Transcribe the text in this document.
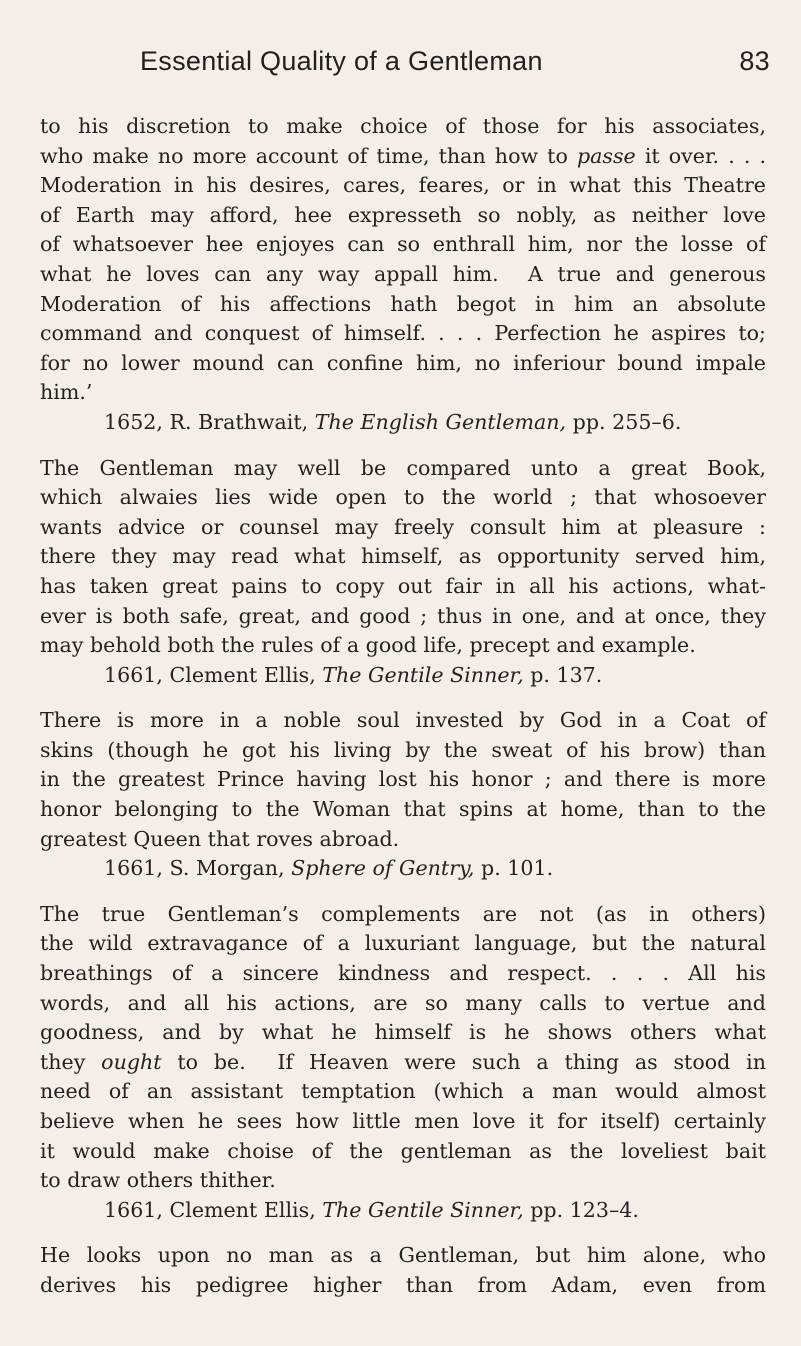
Essential Quality of a Gentleman	83
to his discretion to make choice of those for his associates,
who make no more account of time, than how to passe it over. . . .
Moderation in his desires, cares, feares, or in what this Theatre
of Earth may afford, hee expresseth so nobly, as neither love
of whatsoever hee enjoyes can so enthrall him, nor the losse of
what he loves can any way appall him.  A true and generous
Moderation of his affections hath begot in him an absolute
command and conquest of himself. . . . Perfection he aspires to;
for no lower mound can confine him, no inferiour bound impale
him.’
1652, R. Brathwait, The English Gentleman, pp. 255–6.
The Gentleman may well be compared unto a great Book,
which alwaies lies wide open to the world ; that whosoever
wants advice or counsel may freely consult him at pleasure :
there they may read what himself, as opportunity served him,
has taken great pains to copy out fair in all his actions, what-
ever is both safe, great, and good ; thus in one, and at once, they
may behold both the rules of a good life, precept and example.
1661, Clement Ellis, The Gentile Sinner, p. 137.
There is more in a noble soul invested by God in a Coat of
skins (though he got his living by the sweat of his brow) than
in the greatest Prince having lost his honor ; and there is more
honor belonging to the Woman that spins at home, than to the
greatest Queen that roves abroad.
1661, S. Morgan, Sphere of Gentry, p. 101.
The true Gentleman’s complements are not (as in others)
the wild extravagance of a luxuriant language, but the natural
breathings of a sincere kindness and respect. . . . All his
words, and all his actions, are so many calls to vertue and
goodness, and by what he himself is he shows others what
they ought to be.  If Heaven were such a thing as stood in
need of an assistant temptation (which a man would almost
believe when he sees how little men love it for itself) certainly
it would make choise of the gentleman as the loveliest bait
to draw others thither.
1661, Clement Ellis, The Gentile Sinner, pp. 123–4.
He looks upon no man as a Gentleman, but him alone, who
derives his pedigree higher than from Adam, even from
